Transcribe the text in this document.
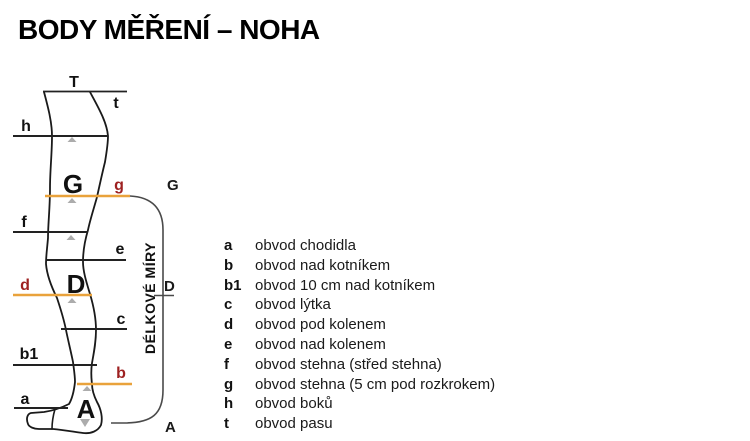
BODY MĚŘENÍ – NOHA
T
t
h
G g
f
e
d D
c
b1
b
a A
G
D
A
DÉLKOVÉ MÍRY	a	obvod chodidla
b	obvod nad kotníkem
b1 obvod 10 cm nad kotníkem
c	obvod lýtka
d	obvod pod kolenem
e	obvod nad kolenem
f	obvod stehna (střed stehna)
g	obvod stehna (5 cm pod rozkrokem)
h	obvod boků
t	obvod pasu
